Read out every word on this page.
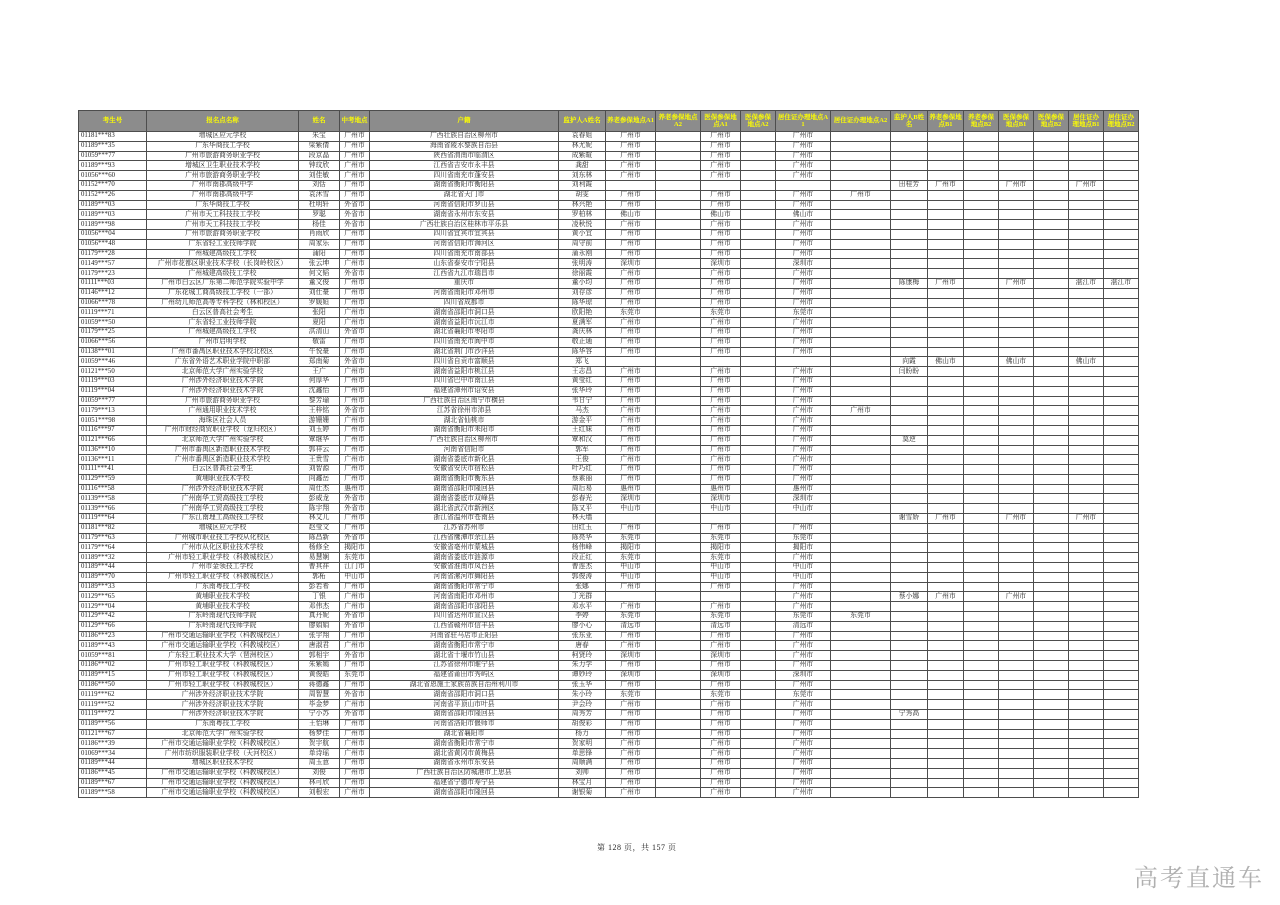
考生号	报名点名称	姓名	中考地点	户籍	监护人A姓名	养老参保地点A1	养老参保地点A2	医保参保地点A1	医保参保地点A2	居住证办理地点A1	居住证办理地点A2	监护人B姓名	养老参保地点B1	养老参保地点B2	医保参保地点B1	医保参保地点B2	居住证办理地点B1	居住证办理地点B2
01181***83	增城区应元学校	朱宝	广州市	广西壮族自治区柳州市	袁春姐	广州市		广州市		广州市								
01189***35	广东华商技工学校	梁紫倩	广州市	海南省陵水黎族自治县	林尤妮	广州市		广州市		广州市								
01059***77	广州市旅游商务职业学校	段京晶	广州市	陕西省渭南市临渭区	成紫暄	广州市		广州市		广州市								
01189***93	增城区卫生职业技术学校	钟玟欣	广州市	江西省吉安市永丰县	龚甜	广州市		广州市		广州市								
01056***60	广州市旅游商务职业学校	刘佳敏	广州市	四川省南充市蓬安县	刘东林	广州市		广州市		广州市								
01152***70	广州市南郡高级中学	刘恬	广州市	湖南省衡阳市衡阳县	刘利霞							田桂芳	广州市		广州市		广州市	
01152***26	广州市南郡高级中学	袁沐雪	广州市	湖北省天门市	胡雯	广州市		广州市		广州市	广州市							
01189***03	广东华商技工学校	杜明轩	外省市	河南省信阳市罗山县	林兴艳	广州市		广州市		广州市								
01189***03	广州市天工科技技工学校	罗聪	外省市	湖南省永州市东安县	罗柏林	佛山市		佛山市		佛山市								
01189***98	广州市天工科技技工学校	杨佳	外省市	广西壮族自治区桂林市平乐县	凌秋悦	广州市		广州市		广州市								
01056***04	广州市旅游商务职业学校	肖雨欣	广州市	四川省宜宾市宜宾县	黄小宜	广州市		广州市		广州市								
01056***48	广东省轻工业技师学院	周家乐	广州市	河南省信阳市浉河区	周守前	广州市		广州市		广州市								
01179***28	广州城建高级技工学校	蒲阳	广州市	四川省南充市南部县	蒲永刚	广州市		广州市		广州市								
01149***57	广州市花都区职业技术学校（长岗岭校区）	张云坤	广州市	山东省泰安市宁阳县	张明涛	深圳市		深圳市		深圳市								
01179***23	广州城建高级技工学校	何文韬	外省市	江西省九江市瑞昌市	徐丽霞	广州市		广州市		广州市								
01111***03	广州市白云区广东第二师范学院实验中学	董文俊	广州市	重庆市	董小均	广州市		广州市		广州市		陈康梅	广州市		广州市		湛江市	湛江市
01146***12	广东花城工商高级技工学校（一部）	刘仕豪	广州市	河南省南阳市邓州市	刘存彦	广州市		广州市		广州市								
01066***78	广州幼儿师范高等专科学校（林和校区）	罗媛姮	广州市	四川省成都市	陈华琼	广州市		广州市		广州市								
01119***71	白云区普高社会考生	张阳	广州市	湖南省邵阳市洞口县	欧阳艳	东莞市		东莞市		东莞市								
01059***50	广东省轻工业技师学院	夏阳	广州市	湖南省益阳市沅江市	夏满军	广州市		广州市		广州市								
01179***25	广州城建高级技工学校	洪清山	外省市	湖北省襄阳市枣阳市	龚庆林	广州市		广州市		广州市								
01066***56	广州市启明学校	敬雷	广州市	四川省南充市阆中市	敬正通	广州市		广州市		广州市								
01138***01	广州市番禺区职业技术学校北校区	牛悦豪	广州市	湖北省荆门市沙洋县	陈华容	广州市		广州市		广州市								
01059***46	广东省外语艺术职业学院中职部	郑南菊	外省市	四川省自贡市富顺县	郑飞							向霞	佛山市		佛山市		佛山市	
01121***50	北京师范大学广州实验学校	王广	广州市	湖南省益阳市桃江县	王志昌	广州市		广州市		广州市		闫盼盼						
01119***03	广州涉外经济职业技术学院	何厚华	广州市	四川省巴中市南江县	黄莹红	广州市		广州市		广州市								
01119***04	广州涉外经济职业技术学院	沈鑫怡	广州市	福建省漳州市诏安县	张华玲	广州市		广州市		广州市								
01059***77	广州市旅游商务职业学校	黎芳瑜	广州市	广西壮族自治区南宁市横县	韦甘宁	广州市		广州市		广州市								
01179***13	广州通用职业技术学校	王梓铭	外省市	江苏省徐州市沛县	马杰	广州市		广州市		广州市	广州市							
01051***98	海珠区社会人员	游姗姗	广州市	湖北省仙桃市	游金平	广州市		广州市		广州市								
01116***97	广州市财经商贸职业学校（龙归校区）	刘玉婷	广州市	湖南省衡阳市耒阳市	王红妹	广州市		广州市		广州市								
01121***66	北京师范大学广州实验学校	覃继华	广州市	广西壮族自治区柳州市	覃和汉	广州市		广州市		广州市		莫逆						
01136***10	广州市番禺区新造职业技术学校	郭祥云	广州市	河南省信阳市	郭军	广州市		广州市		广州市								
01136***11	广州市番禺区新造职业技术学校	王贵雪	广州市	湖南省娄底市新化县	王俊	广州市		广州市		广州市								
01111***41	白云区普高社会考生	刘智源	广州市	安徽省安庆市宿松县	叶巧红	广州市		广州市		广州市								
01129***59	黄埔职业技术学校	向鑫岳	广州市	湖南省衡阳市衡东县	蔡素丽	广州市		广州市		广州市								
01116***58	广州涉外经济职业技术学院	周仕杰	惠州市	湖南省邵阳市隆回县	周后易	惠州市		惠州市		惠州市								
01139***58	广州南华工贸高级技工学校	彭威龙	外省市	湖南省娄底市双峰县	彭春光	深圳市		深圳市		深圳市								
01139***66	广州南华工贸高级技工学校	陈宇翔	外省市	湖北省武汉市新洲区	陈又平	中山市		中山市		中山市								
01119***64	广东江南理工高级技工学校	林艾儿	广州市	浙江省温州市苍南县	林天墙							谢雪娇	广州市		广州市		广州市	
01181***82	增城区应元学校	赵莹文	广州市	江苏省苏州市	田红玉	广州市		广州市		广州市								
01179***63	广州城市职业技工学校从化校区	陈昌新	外省市	江西省鹰潭市余江县	陈亮华	东莞市		东莞市		东莞市								
01179***64	广州市从化区职业技术学校	杨修全	揭阳市	安徽省亳州市蒙城县	杨伟峰	揭阳市		揭阳市		揭阳市								
01189***32	广州市轻工职业学校（科教城校区）	易慧娴	东莞市	湖南省娄底市涟源市	段正红	东莞市		东莞市		广州市								
01189***44	广州市金领技工学校	曹其祥	江门市	安徽省淮南市凤台县	曹连杰	中山市		中山市		中山市								
01189***70	广州市轻工职业学校（科教城校区）	郭柘	中山市	河南省漯河市舞阳县	郭俊涛	中山市		中山市		中山市								
01189***33	广东南粤技工学校	彭若希	广州市	湖南省衡阳市常宁市	张娜	广州市		广州市		广州市								
01129***65	黄埔职业技术学校	丁银	广州市	河南省南阳市邓州市	丁光群					广州市		蔡小娜	广州市		广州市			
01129***04	黄埔职业技术学校	邓伟杰	广州市	湖南省邵阳市邵阳县	邓水平	广州市		广州市		广州市								
01129***42	广东岭南现代技师学院	真丹妮	外省市	四川省达州市宣汉县	李婷	东莞市		东莞市		东莞市	东莞市							
01129***66	广东岭南现代技师学院	廖娟娟	外省市	江西省赣州市信丰县	廖小心	清远市		清远市		清远市								
01186***23	广州市交通运输职业学校（科教城校区）	张宇翔	广州市	河南省驻马店市正阳县	张东亚	广州市		广州市		广州市								
01189***43	广州市交通运输职业学校（科教城校区）	唐淑君	广州市	湖南省衡阳市常宁市	唐春	广州市		广州市		广州市								
01059***81	广东轻工职业技术大学（琶洲校区）	郭相宇	外省市	湖北省十堰市竹山县	柯贤玲	深圳市		深圳市		广州市								
01186***02	广州市轻工职业学校（科教城校区）	朱紫嫣	广州市	江苏省徐州市睢宁县	朱力学	广州市		广州市		广州市								
01189***15	广州市轻工职业学校（科教城校区）	黄俊皓	东莞市	福建省莆田市秀屿区	谭妙玲	深圳市		深圳市		深圳市								
01186***50	广州市轻工职业学校（科教城校区）	蒋德鑫	广州市	湖北省恩施土家族苗族自治州利川市	张玉华	广州市		广州市		广州市								
01119***62	广州涉外经济职业技术学院	周智慧	外省市	湖南省邵阳市洞口县	朱小玲	东莞市		东莞市		东莞市								
01119***52	广州涉外经济职业技术学院	毕金梦	广州市	河南省平顶山市叶县	尹会玲	广州市		广州市		广州市								
01119***72	广州涉外经济职业技术学院	宁小苏	外省市	湖南省邵阳市隆回县	周秀芳	广州市		广州市		广州市		宁秀高						
01189***56	广东南粤技工学校	王怡琳	广州市	河南省洛阳市偃师市	胡俊彩	广州市		广州市		广州市								
01121***67	北京师范大学广州实验学校	杨梦佳	广州市	湖北省襄阳市	杨力	广州市		广州市		广州市								
01186***39	广州市交通运输职业学校（科教城校区）	贺宇航	广州市	湖南省衡阳市常宁市	贺家明	广州市		广州市		广州市								
01069***34	广州市纺织服装职业学校（天河校区）	单诗瑶	广州市	湖北省黄冈市黄梅县	单思锋	广州市		广州市		广州市								
01189***44	增城区职业技术学校	周玉意	广州市	湖南省永州市东安县	周顺满	广州市		广州市		广州市								
01186***45	广州市交通运输职业学校（科教城校区）	刘俊	广州市	广西壮族自治区防城港市上思县	刘帅	广州市		广州市		广州市								
01189***67	广州市交通运输职业学校（科教城校区）	林可欣	广州市	福建省宁德市寿宁县	林宝月	广州市		广州市		广州市								
01189***58	广州市交通运输职业学校（科教城校区）	刘根宏	广州市	湖南省邵阳市隆回县	谢银菊	广州市		广州市		广州市								
第 128 页，共 157 页
高考直通车
